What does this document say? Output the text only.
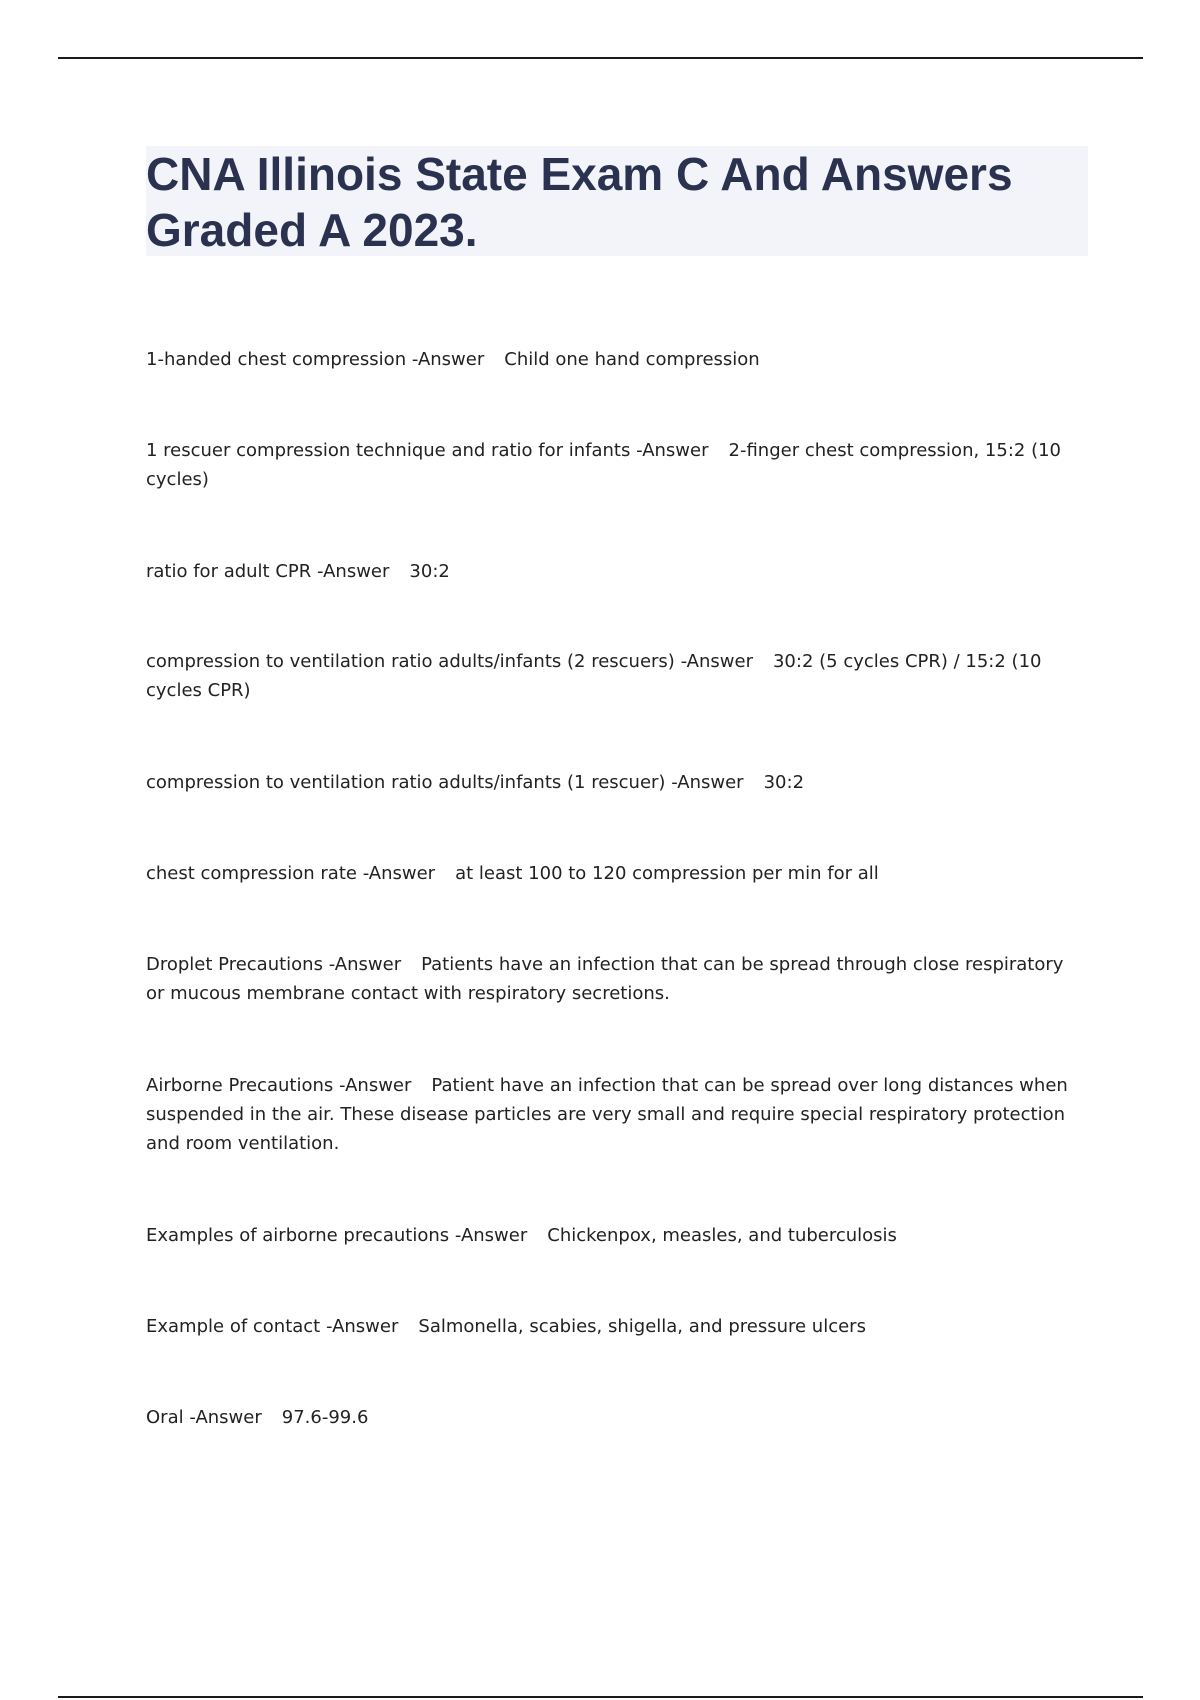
CNA Illinois State Exam C And Answers Graded A 2023.

1-handed chest compression -Answer Child one hand compression

1 rescuer compression technique and ratio for infants -Answer 2-finger chest compression, 15:2 (10 cycles)

ratio for adult CPR -Answer 30:2

compression to ventilation ratio adults/infants (2 rescuers) -Answer 30:2 (5 cycles CPR) / 15:2 (10 cycles CPR)

compression to ventilation ratio adults/infants (1 rescuer) -Answer 30:2

chest compression rate -Answer at least 100 to 120 compression per min for all

Droplet Precautions -Answer Patients have an infection that can be spread through close respiratory or mucous membrane contact with respiratory secretions.

Airborne Precautions -Answer Patient have an infection that can be spread over long distances when suspended in the air. These disease particles are very small and require special respiratory protection and room ventilation.

Examples of airborne precautions -Answer Chickenpox, measles, and tuberculosis

Example of contact -Answer Salmonella, scabies, shigella, and pressure ulcers

Oral -Answer 97.6-99.6
